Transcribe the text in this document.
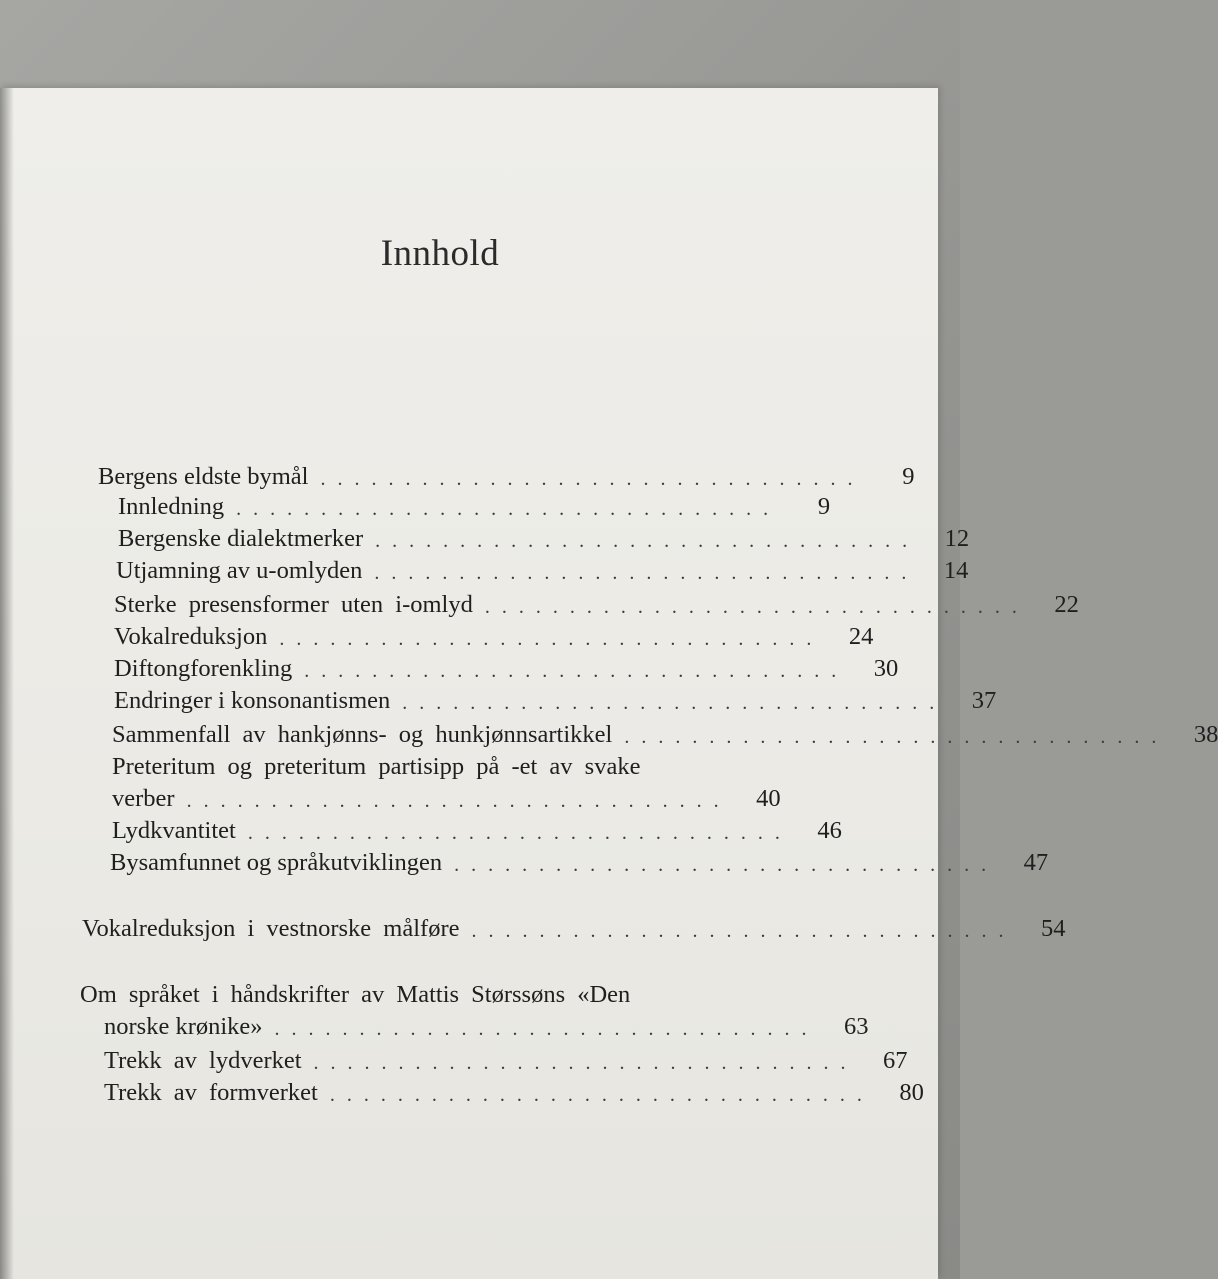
Innhold
Bergens eldste bymål ................................	9
Innledning ................................	9
Bergenske dialektmerker ................................	12
Utjamning av u-omlyden ................................	14
Sterke presensformer uten i-omlyd ................................	22
Vokalreduksjon ................................	24
Diftongforenkling ................................	30
Endringer i konsonantismen ................................	37
Sammenfall av hankjønns- og hunkjønnsartikkel ................................	38
Preteritum og preteritum partisipp på -et av svake
verber ................................	40
Lydkvantitet ................................	46
Bysamfunnet og språkutviklingen ................................	47
Vokalreduksjon i vestnorske målføre ................................	54
Om språket i håndskrifter av Mattis Størssøns «Den
norske krønike» ................................	63
Trekk av lydverket ................................	67
Trekk av formverket ................................	80
